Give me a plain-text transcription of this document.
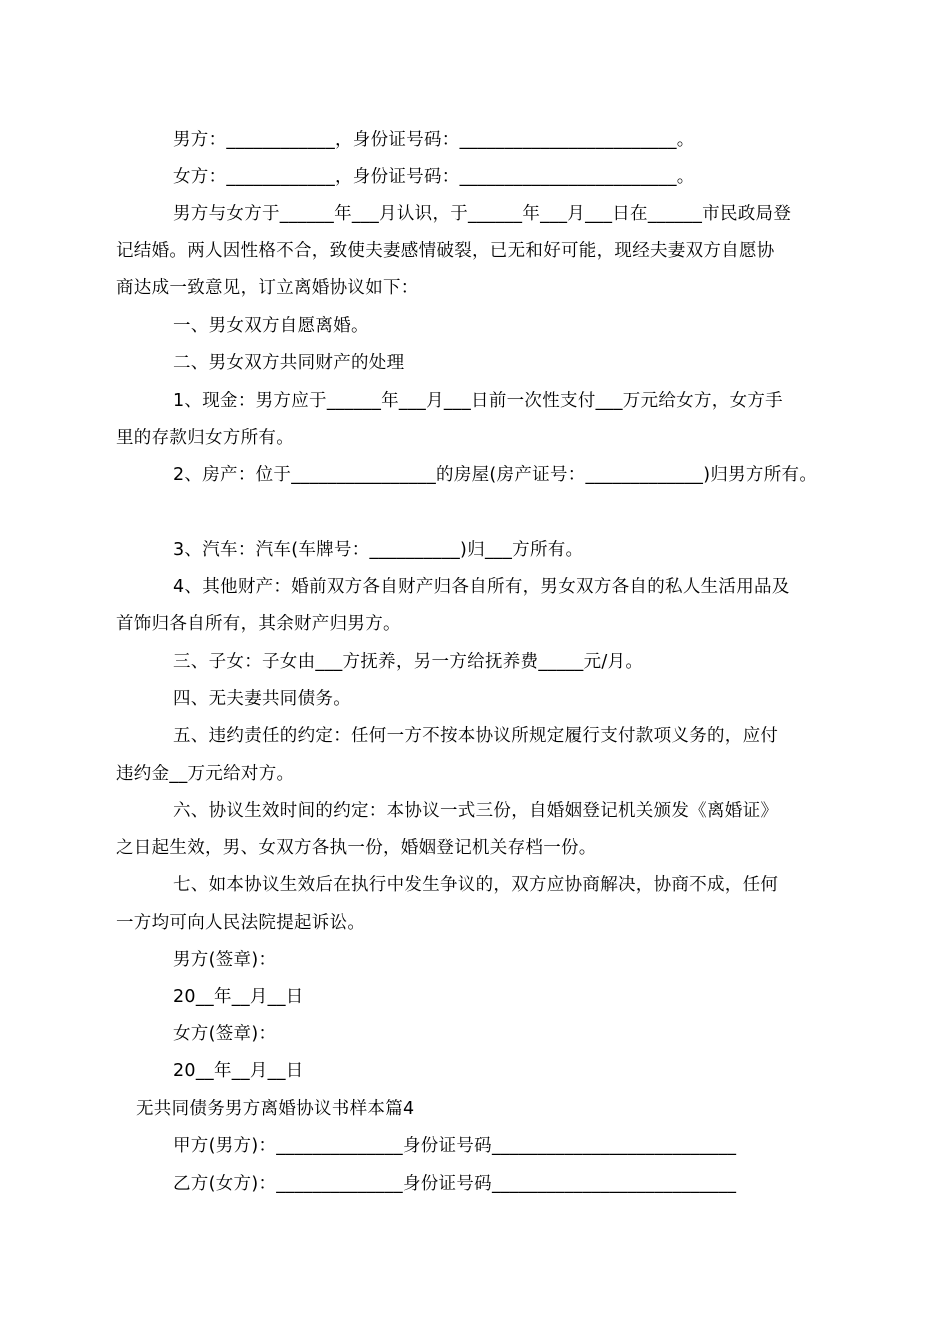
男方：____________，身份证号码：________________________。
女方：____________，身份证号码：________________________。
男方与女方于______年___月认识，于______年___月___日在______市民政局登
记结婚。两人因性格不合，致使夫妻感情破裂，已无和好可能，现经夫妻双方自愿协
商达成一致意见，订立离婚协议如下：
一、男女双方自愿离婚。
二、男女双方共同财产的处理
1、现金：男方应于______年___月___日前一次性支付___万元给女方，女方手
里的存款归女方所有。
2、房产：位于________________的房屋(房产证号：_____________)归男方所有。
3、汽车：汽车(车牌号：__________)归___方所有。
4、其他财产：婚前双方各自财产归各自所有，男女双方各自的私人生活用品及
首饰归各自所有，其余财产归男方。
三、子女：子女由___方抚养，另一方给抚养费_____元/月。
四、无夫妻共同债务。
五、违约责任的约定：任何一方不按本协议所规定履行支付款项义务的，应付
违约金__万元给对方。
六、协议生效时间的约定：本协议一式三份，自婚姻登记机关颁发《离婚证》
之日起生效，男、女双方各执一份，婚姻登记机关存档一份。
七、如本协议生效后在执行中发生争议的，双方应协商解决，协商不成，任何
一方均可向人民法院提起诉讼。
男方(签章)：
20__年__月__日
女方(签章)：
20__年__月__日
无共同债务男方离婚协议书样本篇4
甲方(男方)：______________身份证号码___________________________
乙方(女方)：______________身份证号码___________________________
